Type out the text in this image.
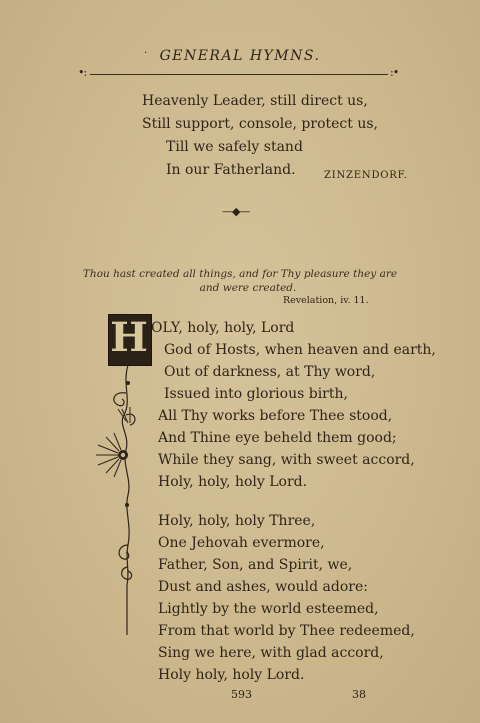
· GENERAL HYMNS.
•:	:•
Heavenly Leader, still direct us,
Still support, console, protect us,
Till we safely stand
In our Fatherland.	ZINZENDORF.
—◆—
Thou hast created all things, and for Thy pleasure they are
and were created.
Revelation, iv. 11.
H OLY, holy, holy, Lord
God of Hosts, when heaven and earth,
Out of darkness, at Thy word,
Issued into glorious birth,
All Thy works before Thee stood,
And Thine eye beheld them good;
While they sang, with sweet accord,
Holy, holy, holy Lord.
Holy, holy, holy Three,
One Jehovah evermore,
Father, Son, and Spirit, we,
Dust and ashes, would adore:
Lightly by the world esteemed,
From that world by Thee redeemed,
Sing we here, with glad accord,
Holy holy, holy Lord.
593	38
